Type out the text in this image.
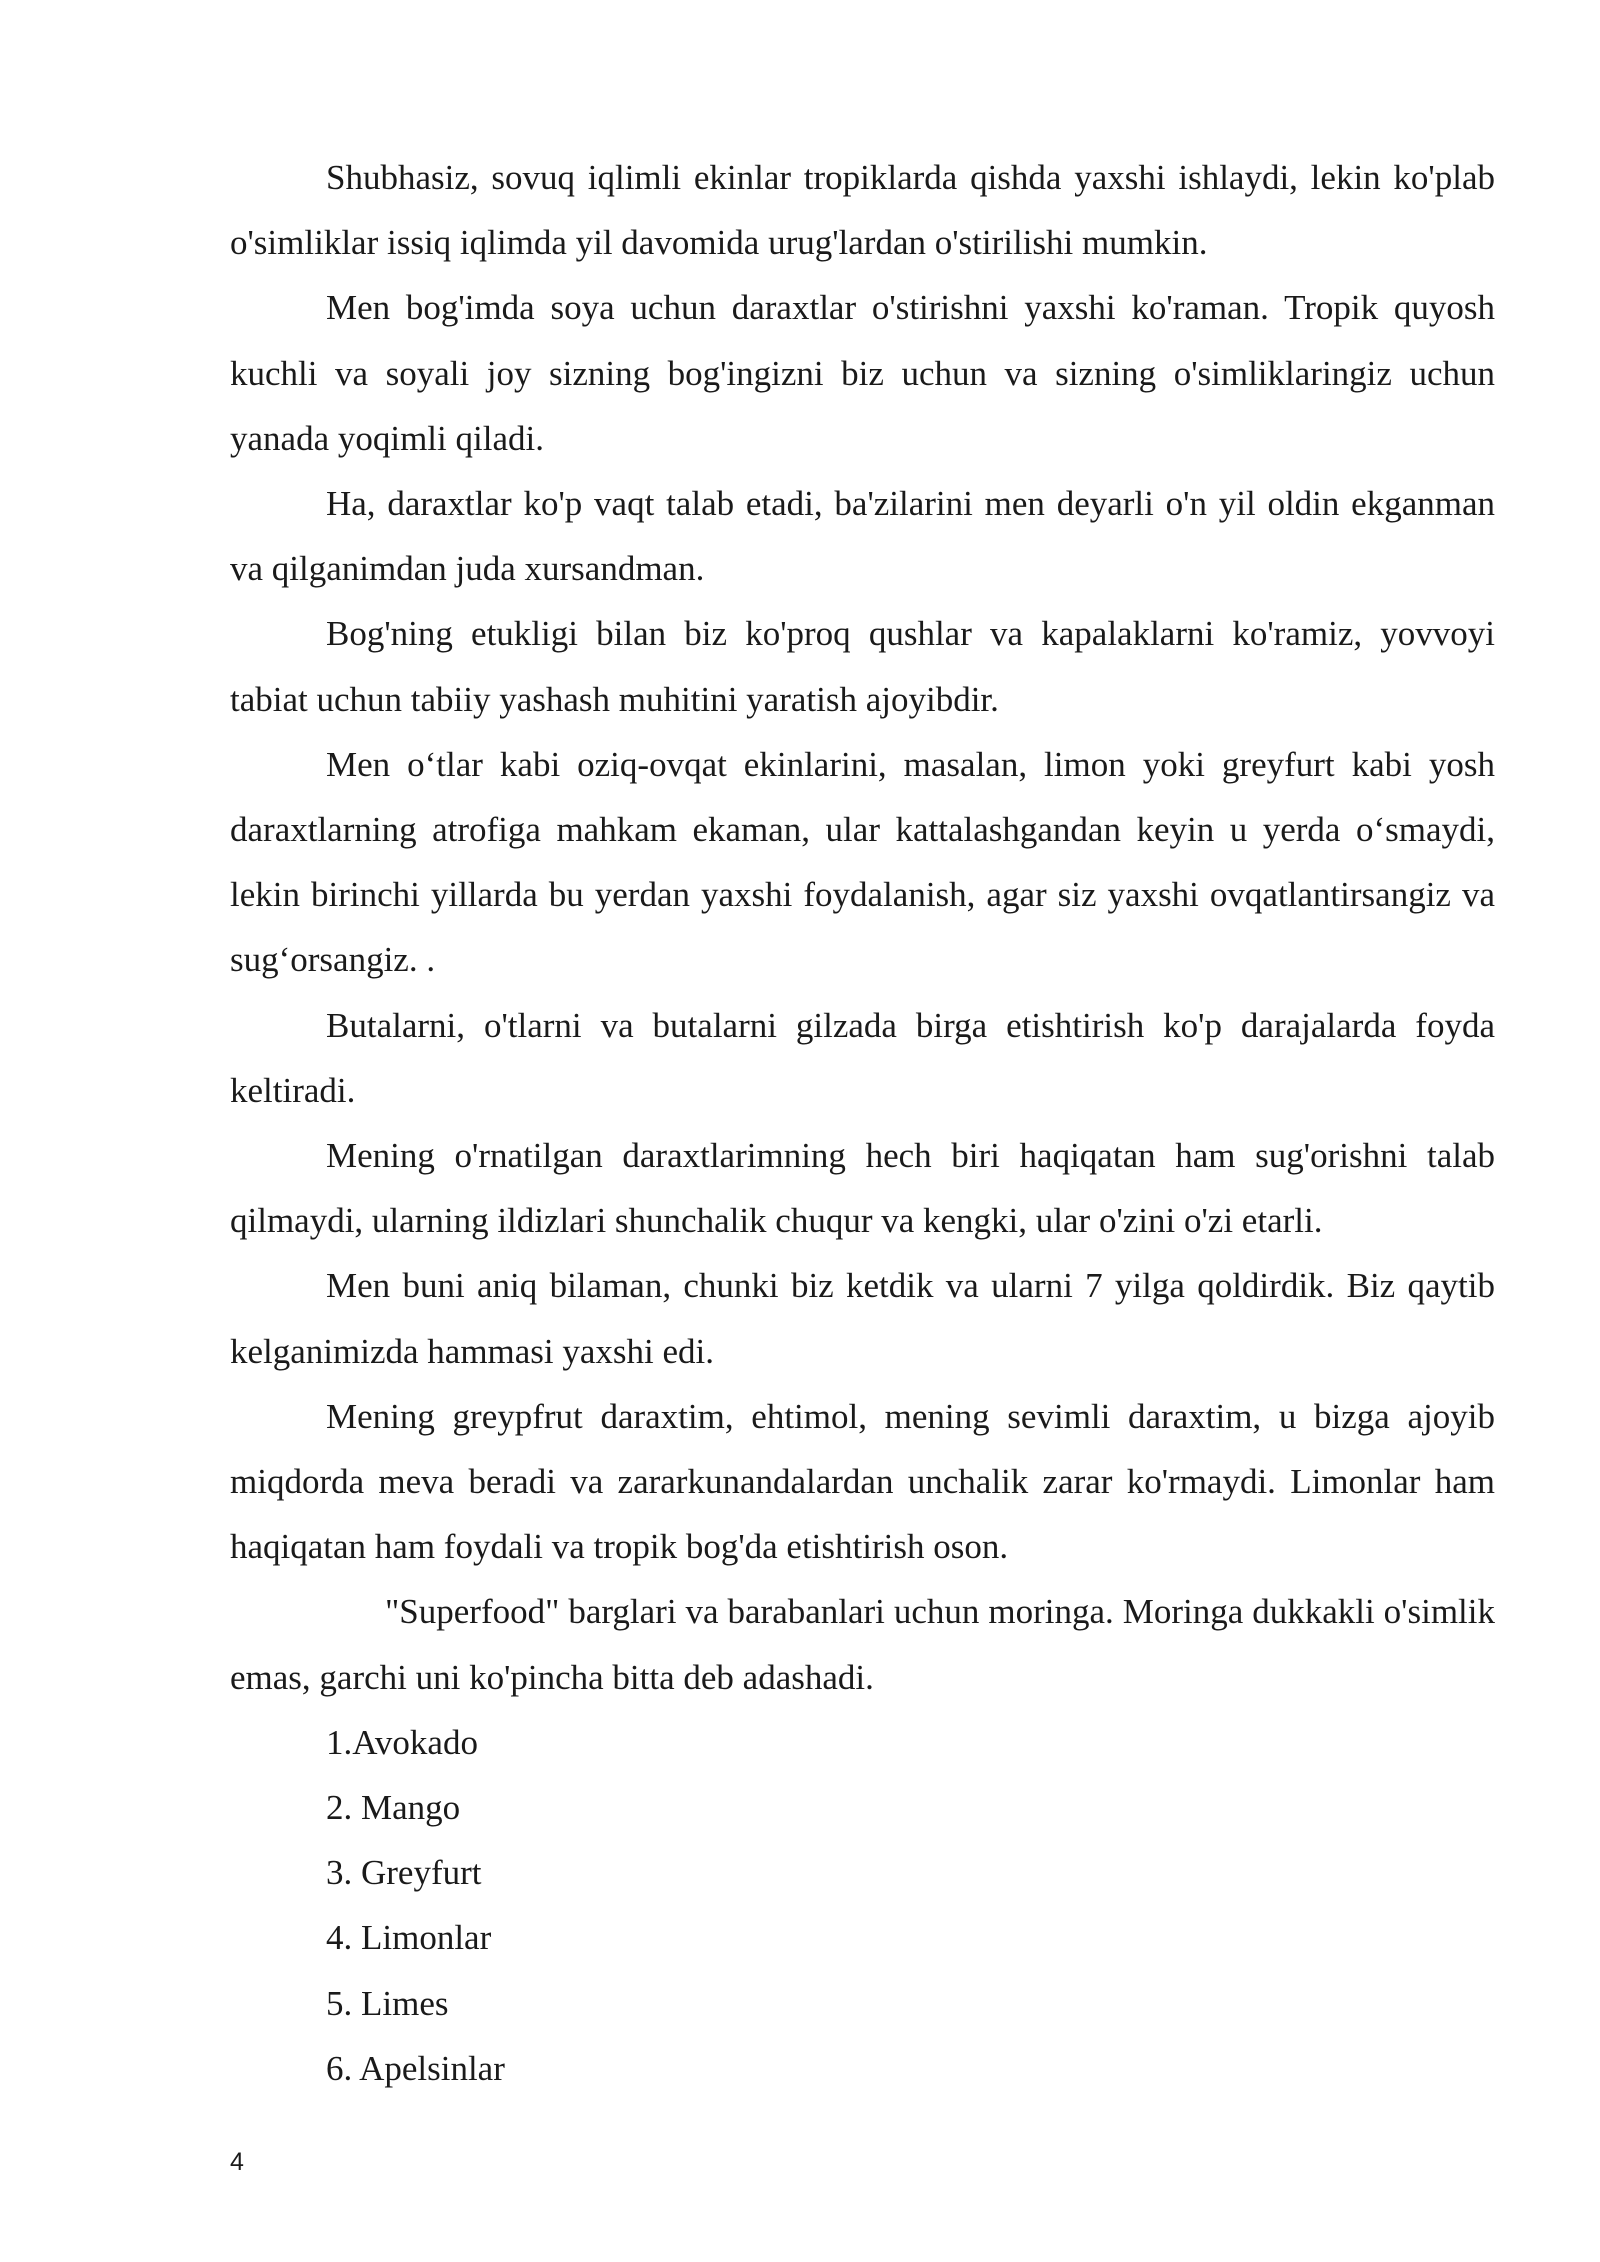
Shubhasiz, sovuq iqlimli ekinlar tropiklarda qishda yaxshi ishlaydi, lekin ko'plab o'simliklar issiq iqlimda yil davomida urug'lardan o'stirilishi mumkin.

Men bog'imda soya uchun daraxtlar o'stirishni yaxshi ko'raman. Tropik quyosh kuchli va soyali joy sizning bog'ingizni biz uchun va sizning o'simliklaringiz uchun yanada yoqimli qiladi.

Ha, daraxtlar ko'p vaqt talab etadi, ba'zilarini men deyarli o'n yil oldin ekganman va qilganimdan juda xursandman.

Bog'ning etukligi bilan biz ko'proq qushlar va kapalaklarni ko'ramiz, yovvoyi tabiat uchun tabiiy yashash muhitini yaratish ajoyibdir.

Men o‘tlar kabi oziq-ovqat ekinlarini, masalan, limon yoki greyfurt kabi yosh daraxtlarning atrofiga mahkam ekaman, ular kattalashgandan keyin u yerda o‘smaydi, lekin birinchi yillarda bu yerdan yaxshi foydalanish, agar siz yaxshi ovqatlantirsangiz va sug‘orsangiz. .

Butalarni, o'tlarni va butalarni gilzada birga etishtirish ko'p darajalarda foyda keltiradi.

Mening o'rnatilgan daraxtlarimning hech biri haqiqatan ham sug'orishni talab qilmaydi, ularning ildizlari shunchalik chuqur va kengki, ular o'zini o'zi etarli.

Men buni aniq bilaman, chunki biz ketdik va ularni 7 yilga qoldirdik. Biz qaytib kelganimizda hammasi yaxshi edi.

Mening greypfrut daraxtim, ehtimol, mening sevimli daraxtim, u bizga ajoyib miqdorda meva beradi va zararkunandalardan unchalik zarar ko'rmaydi. Limonlar ham haqiqatan ham foydali va tropik bog'da etishtirish oson.

"Superfood" barglari va barabanlari uchun moringa. Moringa dukkakli o'simlik emas, garchi uni ko'pincha bitta deb adashadi.

1.Avokado
2. Mango
3. Greyfurt
4. Limonlar
5. Limes
6. Apelsinlar
4
